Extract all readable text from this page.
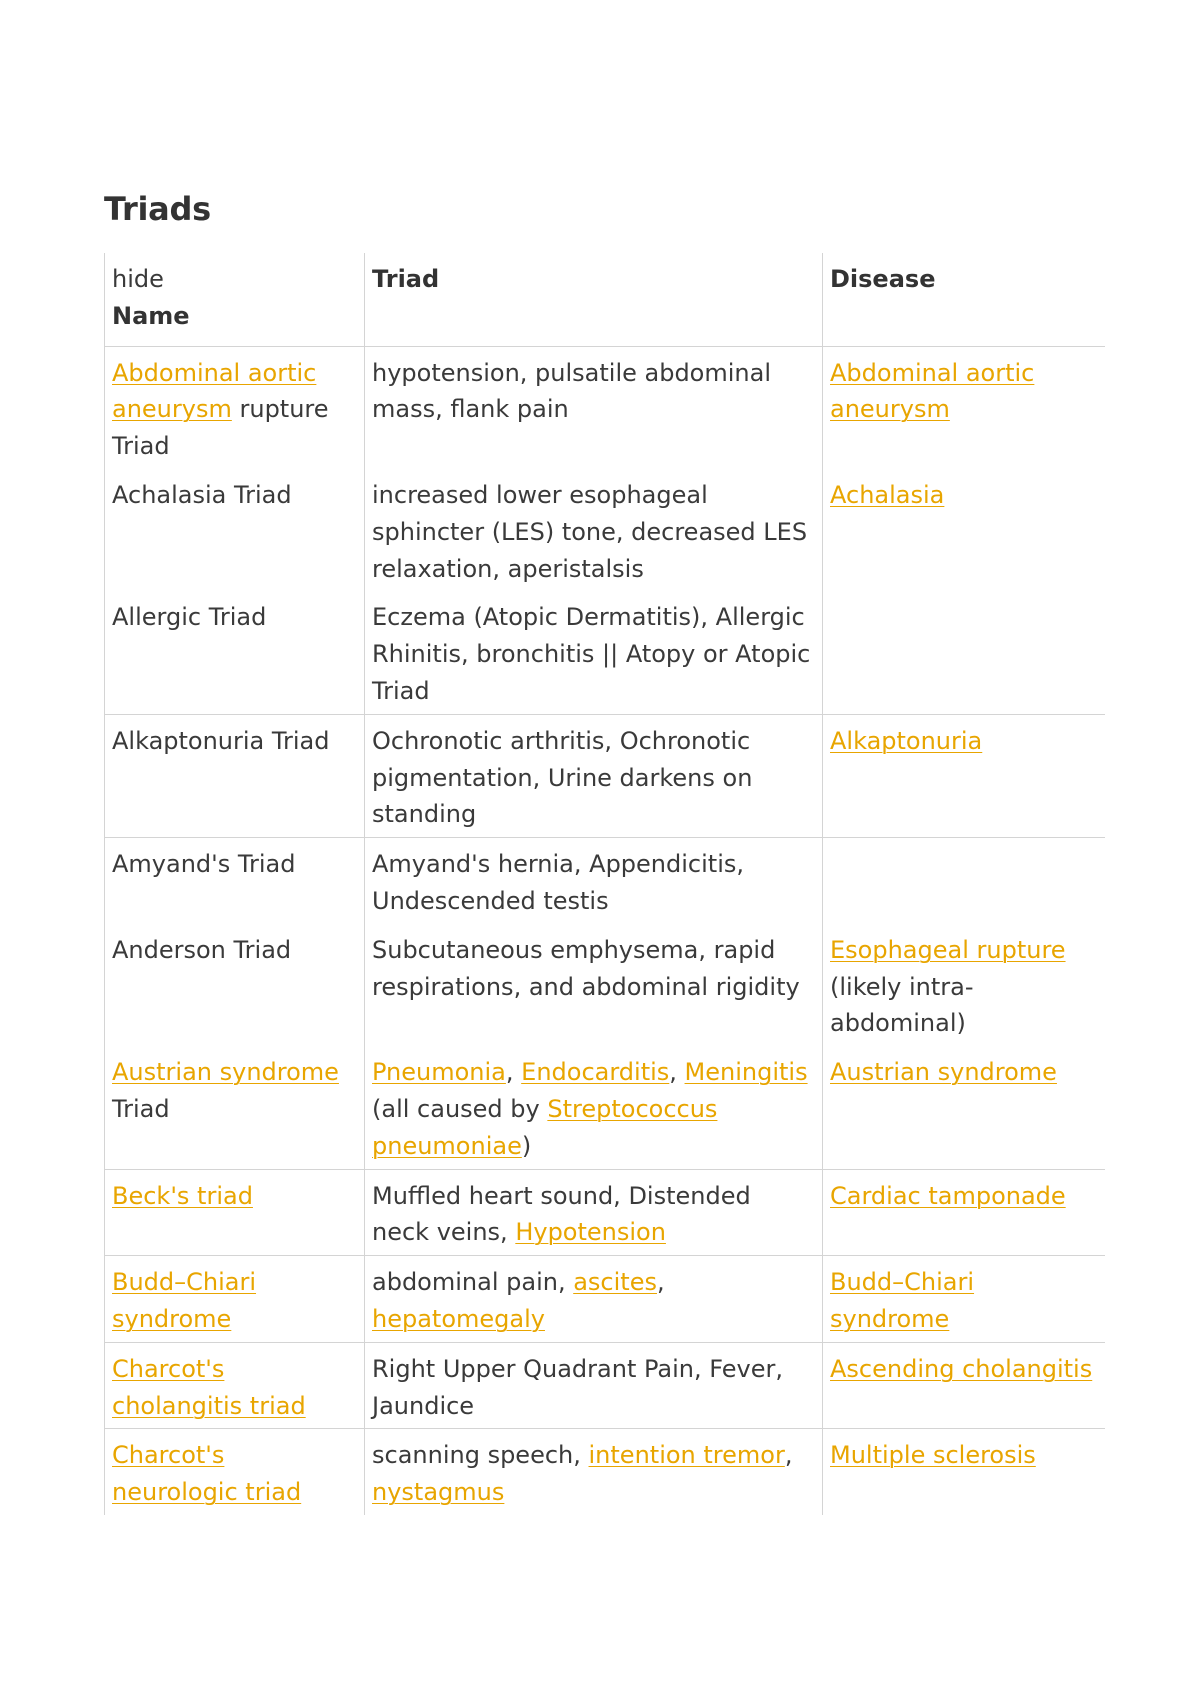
Triads
hide
Name	Triad	Disease
Abdominal aortic aneurysm rupture Triad	hypotension, pulsatile abdominal mass, flank pain	Abdominal aortic aneurysm
Achalasia Triad	increased lower esophageal sphincter (LES) tone, decreased LES relaxation, aperistalsis	Achalasia
Allergic Triad	Eczema (Atopic Dermatitis), Allergic Rhinitis, bronchitis || Atopy or Atopic Triad	
Alkaptonuria Triad	Ochronotic arthritis, Ochronotic pigmentation, Urine darkens on standing	Alkaptonuria
Amyand's Triad	Amyand's hernia, Appendicitis, Undescended testis	
Anderson Triad	Subcutaneous emphysema, rapid respirations, and abdominal rigidity	Esophageal rupture (likely intra-abdominal)
Austrian syndrome Triad	Pneumonia, Endocarditis, Meningitis (all caused by Streptococcus pneumoniae)	Austrian syndrome
Beck's triad	Muffled heart sound, Distended neck veins, Hypotension	Cardiac tamponade
Budd–Chiari syndrome	abdominal pain, ascites, hepatomegaly	Budd–Chiari syndrome
Charcot's cholangitis triad	Right Upper Quadrant Pain, Fever, Jaundice	Ascending cholangitis
Charcot's neurologic triad	scanning speech, intention tremor, nystagmus	Multiple sclerosis
